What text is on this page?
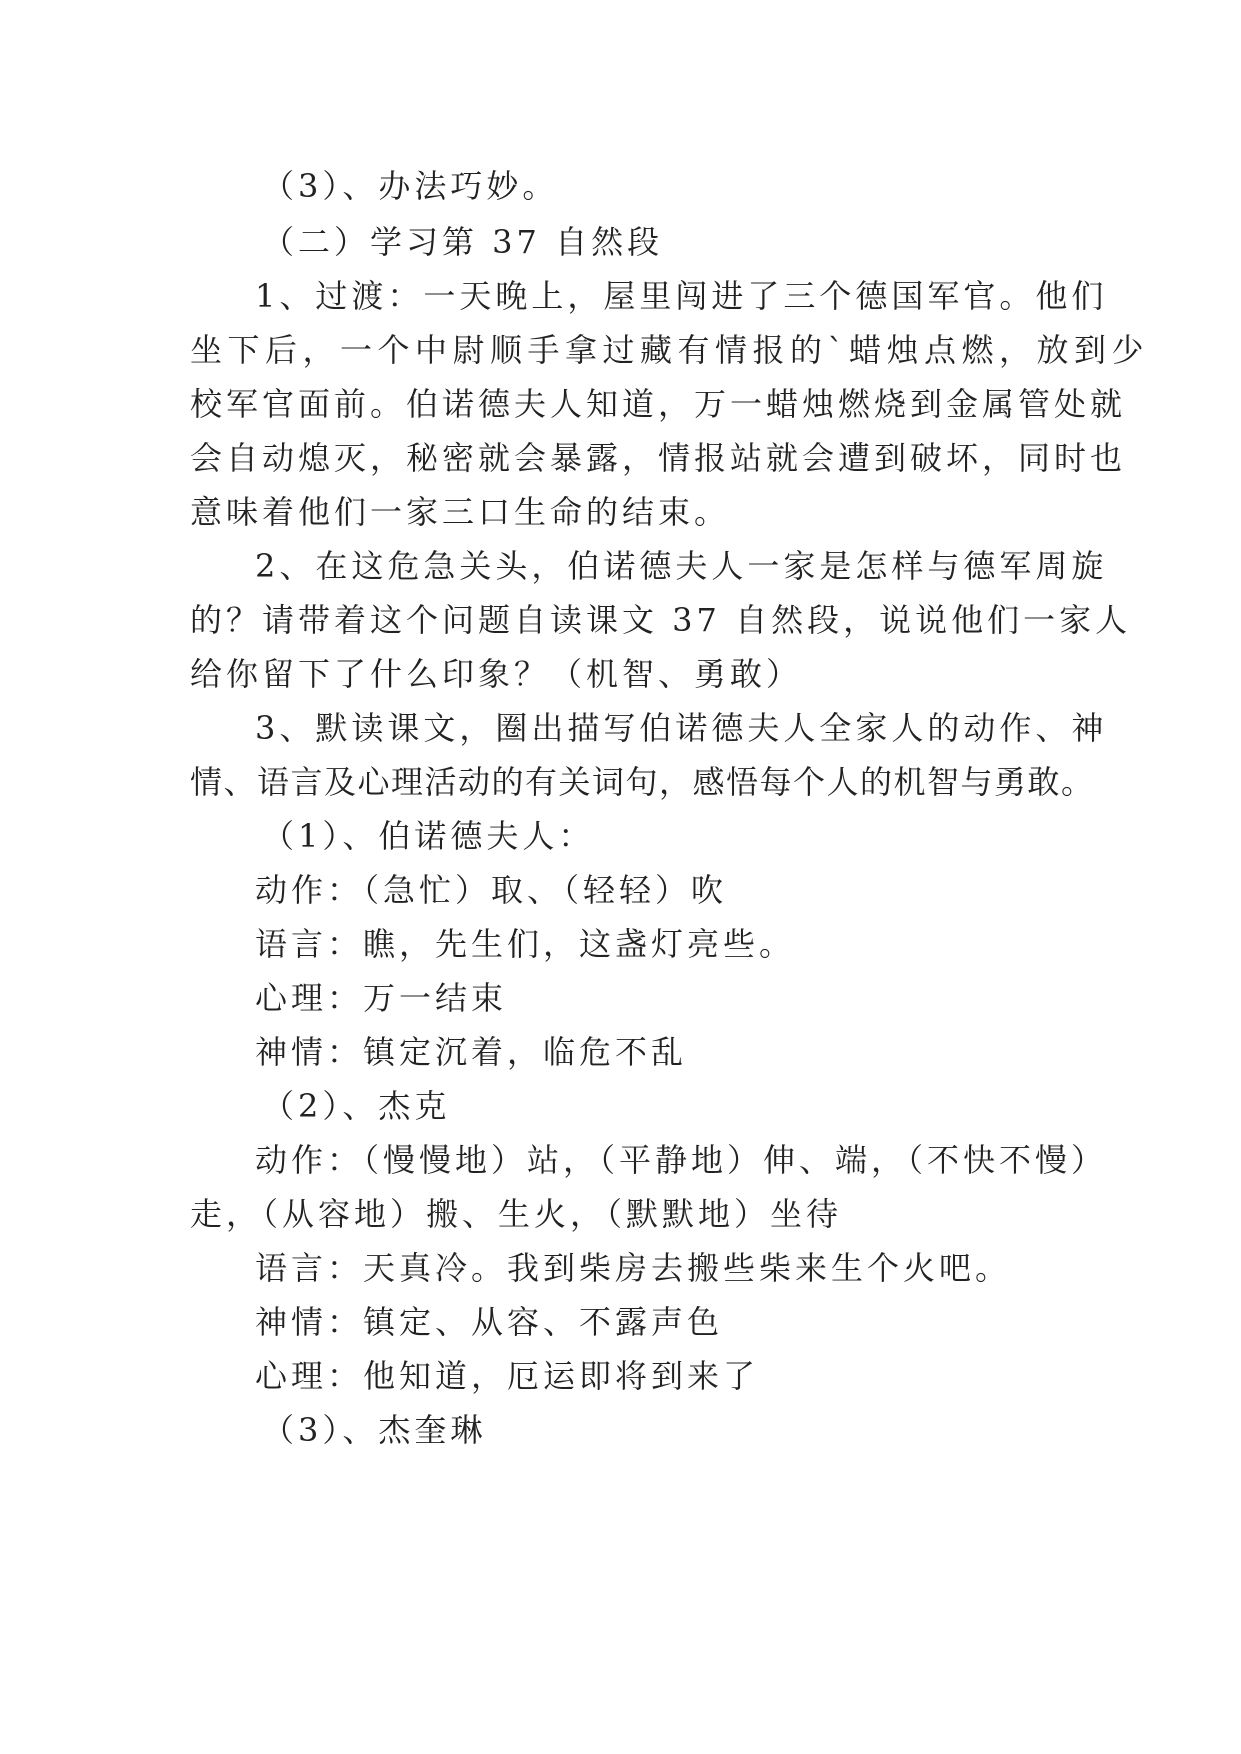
（3）、办法巧妙。
（二）学习第 37 自然段
1、过渡：一天晚上，屋里闯进了三个德国军官。他们
坐下后，一个中尉顺手拿过藏有情报的`蜡烛点燃，放到少
校军官面前。伯诺德夫人知道，万一蜡烛燃烧到金属管处就
会自动熄灭，秘密就会暴露，情报站就会遭到破坏，同时也
意味着他们一家三口生命的结束。
2、在这危急关头，伯诺德夫人一家是怎样与德军周旋
的？请带着这个问题自读课文 37 自然段，说说他们一家人
给你留下了什么印象？（机智、勇敢）
3、默读课文，圈出描写伯诺德夫人全家人的动作、神
情、语言及心理活动的有关词句，感悟每个人的机智与勇敢。
（1）、伯诺德夫人：
动作：（急忙）取、（轻轻）吹
语言：瞧，先生们，这盏灯亮些。
心理：万一结束
神情：镇定沉着，临危不乱
（2）、杰克
动作：（慢慢地）站，（平静地）伸、端，（不快不慢）
走，（从容地）搬、生火，（默默地）坐待
语言：天真冷。我到柴房去搬些柴来生个火吧。
神情：镇定、从容、不露声色
心理：他知道，厄运即将到来了
（3）、杰奎琳
